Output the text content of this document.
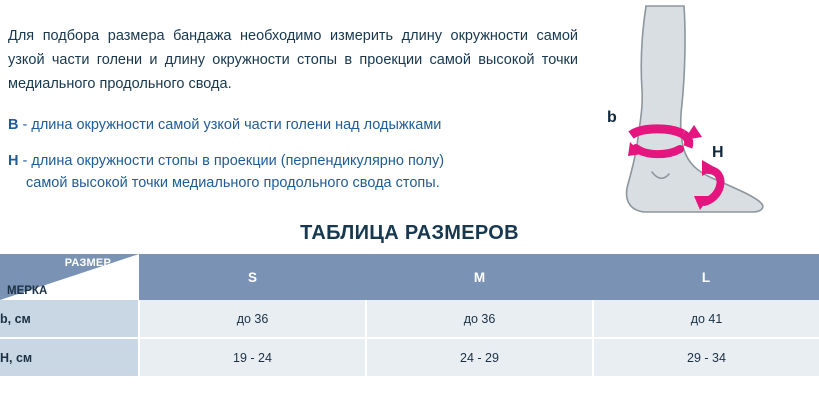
Для подбора размера бандажа необходимо измерить длину окружности самой узкой части голени и длину окружности стопы в проекции самой высокой точки медиального продольного свода.

B - длина окружности самой узкой части голени над лодыжками

H - длина окружности стопы в проекции (перпендикулярно полу)
самой высокой точки медиального продольного свода стопы.

b
H
ТАБЛИЦА РАЗМЕРОВ
РАЗМЕР
МЕРКА	S	M	L
b, см	до 36	до 36	до 41
H, см	19 - 24	24 - 29	29 - 34
